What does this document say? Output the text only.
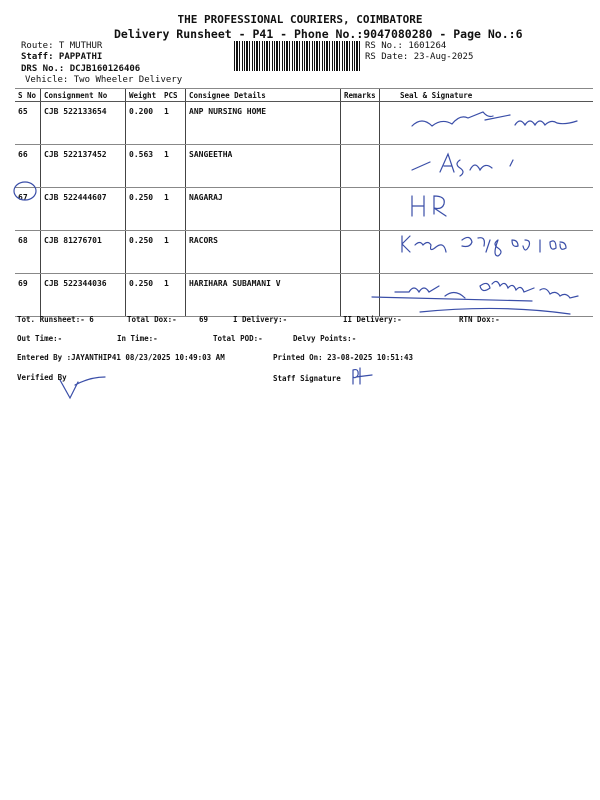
THE PROFESSIONAL COURIERS, COIMBATORE
Delivery Runsheet - P41 - Phone No.:9047080280 - Page No.:6
Route: T MUTHUR
Staff: PAPPATHI
DRS No.: DCJB160126406
Vehicle: Two Wheeler Delivery
RS No.: 1601264
RS Date: 23-Aug-2025
S No	Consignment No	Weight	PCS	Consignee Details	Remarks	Seal & Signature
65	CJB 522133654	0.200	1	ANP NURSING HOME		
66	CJB 522137452	0.563	1	SANGEETHA		
67	CJB 522444607	0.250	1	NAGARAJ		
68	CJB 81276701	0.250	1	RACORS		
69	CJB 522344036	0.250	1	HARIHARA SUBAMANI V		
Tot. Runsheet:- 6	Total Dox:-	69	I Delivery:-	II Delivery:-	RTN Dox:-
Out Time:-	In Time:-	Total POD:-	Delvy Points:-
Entered By :JAYANTHIP41 08/23/2025 10:49:03 AM	Printed On: 23-08-2025 10:51:43
Verified By	Staff Signature
